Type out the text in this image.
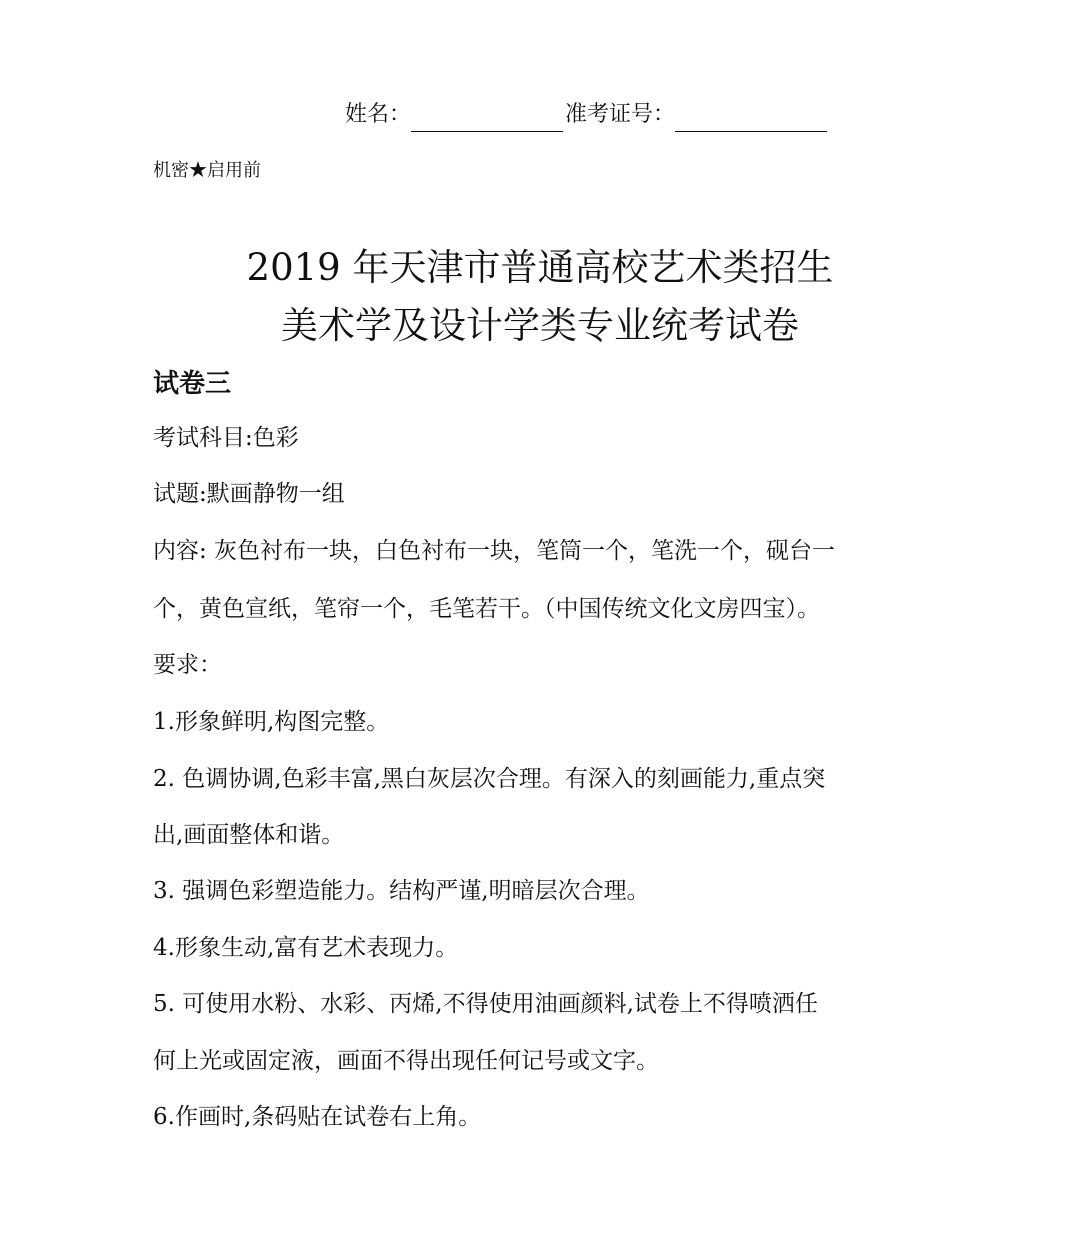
姓名：	准考证号：
机密★启用前
2019 年天津市普通高校艺术类招生
美术学及设计学类专业统考试卷
试卷三
考试科目:色彩
试题:默画静物一组
内容: 灰色衬布一块，白色衬布一块，笔筒一个，笔洗一个，砚台一
个，黄色宣纸，笔帘一个，毛笔若干。（中国传统文化文房四宝）。
要求：
1.形象鲜明,构图完整。
2. 色调协调,色彩丰富,黑白灰层次合理。有深入的刻画能力,重点突
出,画面整体和谐。
3. 强调色彩塑造能力。结构严谨,明暗层次合理。
4.形象生动,富有艺术表现力。
5. 可使用水粉、水彩、丙烯,不得使用油画颜料,试卷上不得喷洒任
何上光或固定液，画面不得出现任何记号或文字。
6.作画时,条码贴在试卷右上角。
